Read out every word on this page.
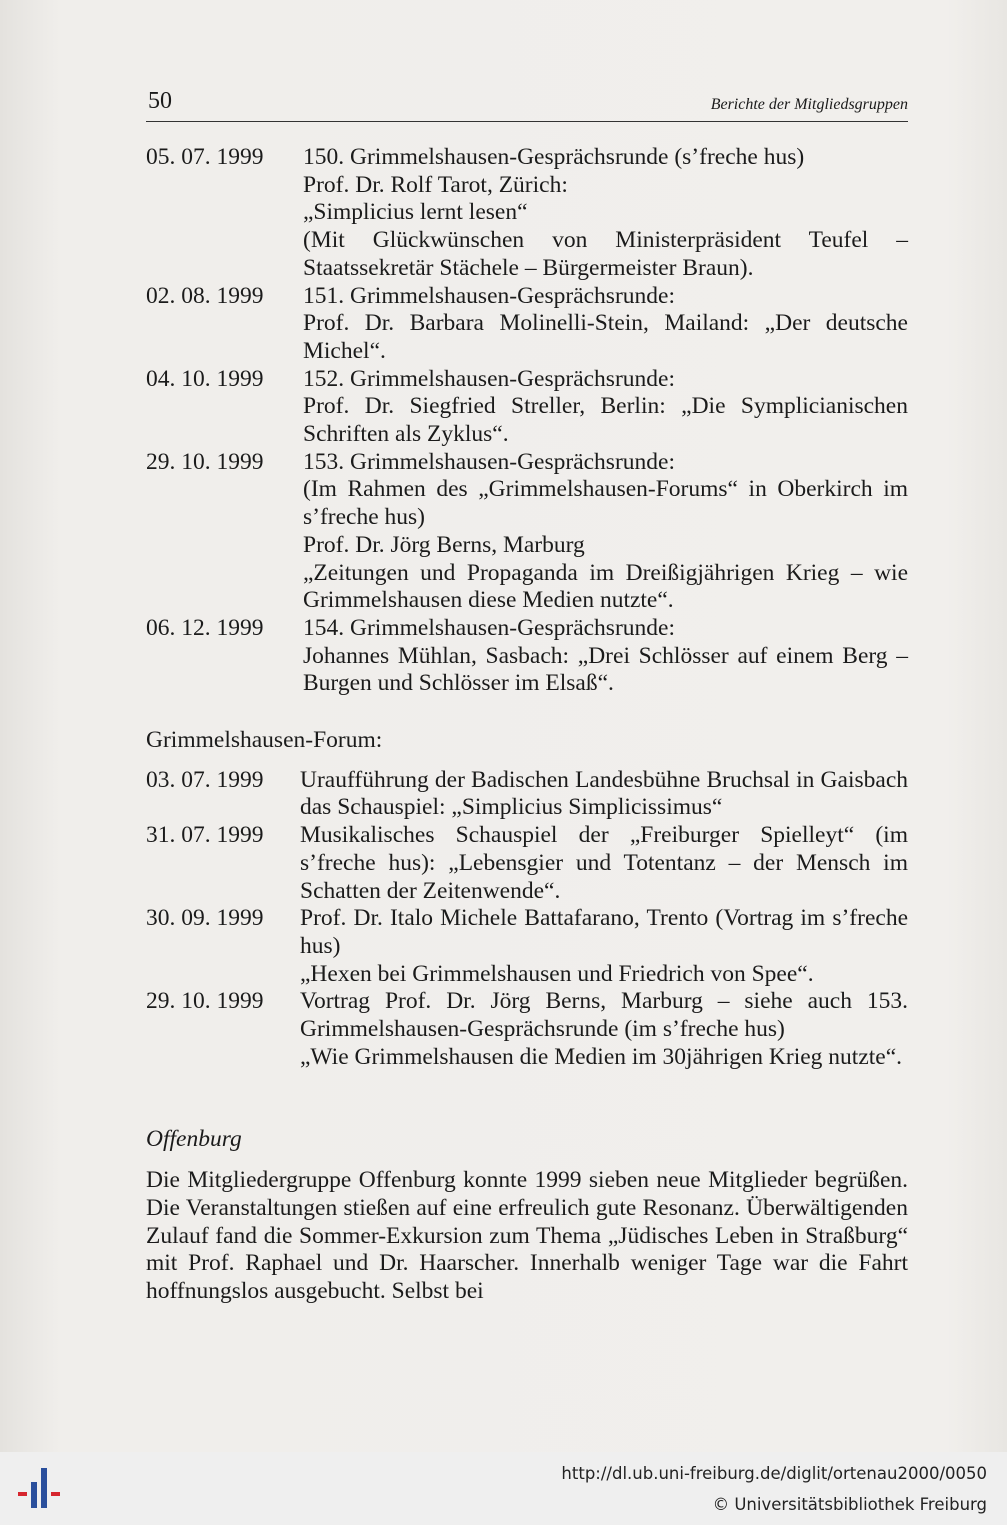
50	Berichte der Mitgliedsgruppen
05. 07. 1999	150. Grimmelshausen-Gesprächsrunde (s’freche hus)
Prof. Dr. Rolf Tarot, Zürich:
„Simplicius lernt lesen“
(Mit Glückwünschen von Ministerpräsident Teufel – Staatssekretär Stächele – Bürgermeister Braun).
02. 08. 1999	151. Grimmelshausen-Gesprächsrunde:
Prof. Dr. Barbara Molinelli-Stein, Mailand: „Der deutsche Michel“.
04. 10. 1999	152. Grimmelshausen-Gesprächsrunde:
Prof. Dr. Siegfried Streller, Berlin: „Die Symplicianischen Schriften als Zyklus“.
29. 10. 1999	153. Grimmelshausen-Gesprächsrunde:
(Im Rahmen des „Grimmelshausen-Forums“ in Oberkirch im s’freche hus)
Prof. Dr. Jörg Berns, Marburg
„Zeitungen und Propaganda im Dreißigjährigen Krieg – wie Grimmelshausen diese Medien nutzte“.
06. 12. 1999	154. Grimmelshausen-Gesprächsrunde:
Johannes Mühlan, Sasbach: „Drei Schlösser auf einem Berg – Burgen und Schlösser im Elsaß“.
Grimmelshausen-Forum:
03. 07. 1999	Uraufführung der Badischen Landesbühne Bruchsal in Gaisbach das Schauspiel: „Simplicius Simplicissimus“
31. 07. 1999	Musikalisches Schauspiel der „Freiburger Spielleyt“ (im s’freche hus): „Lebensgier und Totentanz – der Mensch im Schatten der Zeitenwende“.
30. 09. 1999	Prof. Dr. Italo Michele Battafarano, Trento (Vortrag im s’freche hus)
„Hexen bei Grimmelshausen und Friedrich von Spee“.
29. 10. 1999	Vortrag Prof. Dr. Jörg Berns, Marburg – siehe auch 153. Grimmelshausen-Gesprächsrunde (im s’freche hus)
„Wie Grimmelshausen die Medien im 30jährigen Krieg nutzte“.
Offenburg

Die Mitgliedergruppe Offenburg konnte 1999 sieben neue Mitglieder begrüßen. Die Veranstaltungen stießen auf eine erfreulich gute Resonanz. Überwältigenden Zulauf fand die Sommer-Exkursion zum Thema „Jüdisches Leben in Straßburg“ mit Prof. Raphael und Dr. Haarscher. Innerhalb weniger Tage war die Fahrt hoffnungslos ausgebucht. Selbst bei

http://dl.ub.uni-freiburg.de/diglit/ortenau2000/0050
© Universitätsbibliothek Freiburg
